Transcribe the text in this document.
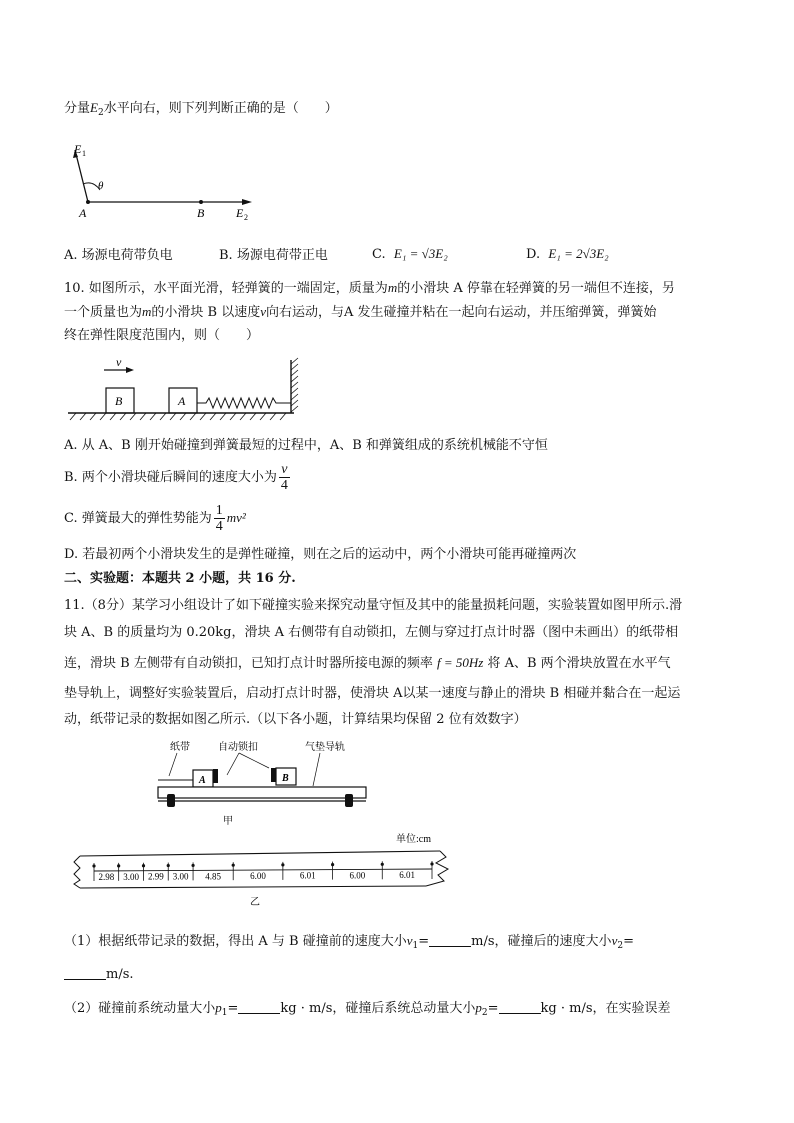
分量$E_2$水平向右，则下列判断正确的是（　　）
E 1
θ
A	B	E 2
A. 场源电荷带负电	B. 场源电荷带正电	C. E₁ = √3E₂	D. E₁ = 2√3E₂
10. 如图所示，水平面光滑，轻弹簧的一端固定，质量为m的小滑块 A 停靠在轻弹簧的另一端但不连接，另
一个质量也为m的小滑块 B 以速度v向右运动，与A 发生碰撞并粘在一起向右运动，并压缩弹簧，弹簧始
终在弹性限度范围内，则（　　）
v
B	A
A. 从 A、B 刚开始碰撞到弹簧最短的过程中，A、B 和弹簧组成的系统机械能不守恒
B. 两个小滑块碰后瞬间的速度大小为 $\frac{v}{4}$
C. 弹簧最大的弹性势能为 $\frac{1}{4} mv^2$
D. 若最初两个小滑块发生的是弹性碰撞，则在之后的运动中，两个小滑块可能再碰撞两次
二、实验题：本题共 2 小题，共 16 分.
11.（8分）某学习小组设计了如下碰撞实验来探究动量守恒及其中的能量损耗问题，实验装置如图甲所示.滑
块 A、B 的质量均为 0.20kg，滑块 A 右侧带有自动锁扣，左侧与穿过打点计时器（图中未画出）的纸带相
连，滑块 B 左侧带有自动锁扣，已知打点计时器所接电源的频率 f = 50Hz 将 A、B 两个滑块放置在水平气
垫导轨上，调整好实验装置后，启动打点计时器，使滑块 A以某一速度与静止的滑块 B 相碰并黏合在一起运
动，纸带记录的数据如图乙所示.（以下各小题，计算结果均保留 2 位有效数字）
纸带	自动锁扣	气垫导轨
A	B
甲
单位:cm
2.98 3.00 2.99 3.00 4.85	6.00	6.01	6.00	6.01
乙
（1）根据纸带记录的数据，得出 A 与 B 碰撞前的速度大小$v_1=$	m/s，碰撞后的速度大小$v_2=$
m/s.
（2）碰撞前系统动量大小$p_1=$	kg · m/s，碰撞后系统总动量大小$p_2=$	kg · m/s，在实验误差
